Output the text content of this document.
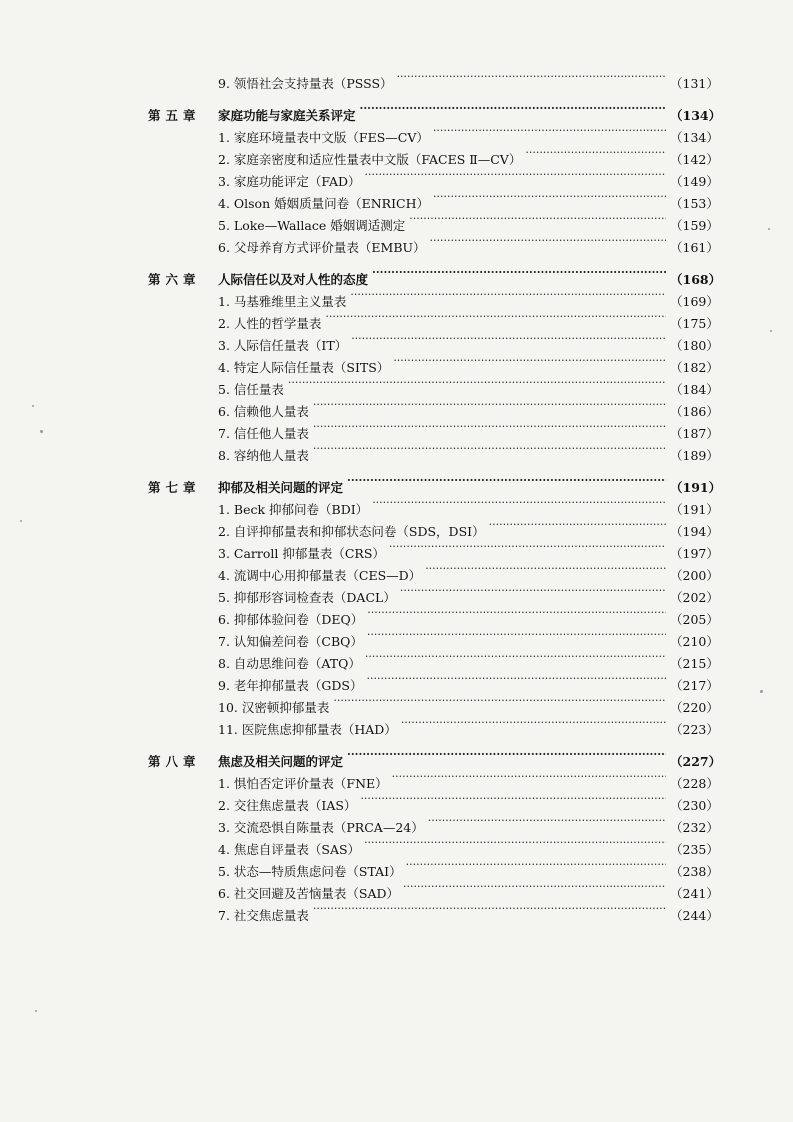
9. 领悟社会支持量表（PSSS） ·····	（131）
第五章	家庭功能与家庭关系评定 ·····	（134）
1. 家庭环境量表中文版（FES—CV） ·····	（134）
2. 家庭亲密度和适应性量表中文版（FACES Ⅱ—CV） ·····	（142）
3. 家庭功能评定（FAD） ·····	（149）
4. Olson 婚姻质量问卷（ENRICH） ·····	（153）
5. Loke—Wallace 婚姻调适测定 ·····	（159）
6. 父母养育方式评价量表（EMBU） ·····	（161）
第六章	人际信任以及对人性的态度 ·····	（168）
1. 马基雅维里主义量表 ·····	（169）
2. 人性的哲学量表 ·····	（175）
3. 人际信任量表（IT） ·····	（180）
4. 特定人际信任量表（SITS） ·····	（182）
5. 信任量表 ·····	（184）
6. 信赖他人量表 ·····	（186）
7. 信任他人量表 ·····	（187）
8. 容纳他人量表 ·····	（189）
第七章	抑郁及相关问题的评定 ·····	（191）
1. Beck 抑郁问卷（BDI） ·····	（191）
2. 自评抑郁量表和抑郁状态问卷（SDS，DSI） ·····	（194）
3. Carroll 抑郁量表（CRS） ·····	（197）
4. 流调中心用抑郁量表（CES—D） ·····	（200）
5. 抑郁形容词检查表（DACL） ·····	（202）
6. 抑郁体验问卷（DEQ） ·····	（205）
7. 认知偏差问卷（CBQ） ·····	（210）
8. 自动思维问卷（ATQ） ·····	（215）
9. 老年抑郁量表（GDS） ·····	（217）
10. 汉密顿抑郁量表 ·····	（220）
11. 医院焦虑抑郁量表（HAD） ·····	（223）
第八章	焦虑及相关问题的评定 ·····	（227）
1. 惧怕否定评价量表（FNE） ·····	（228）
2. 交往焦虑量表（IAS） ·····	（230）
3. 交流恐惧自陈量表（PRCA—24） ·····	（232）
4. 焦虑自评量表（SAS） ·····	（235）
5. 状态—特质焦虑问卷（STAI） ·····	（238）
6. 社交回避及苦恼量表（SAD） ·····	（241）
7. 社交焦虑量表 ·····	（244）
